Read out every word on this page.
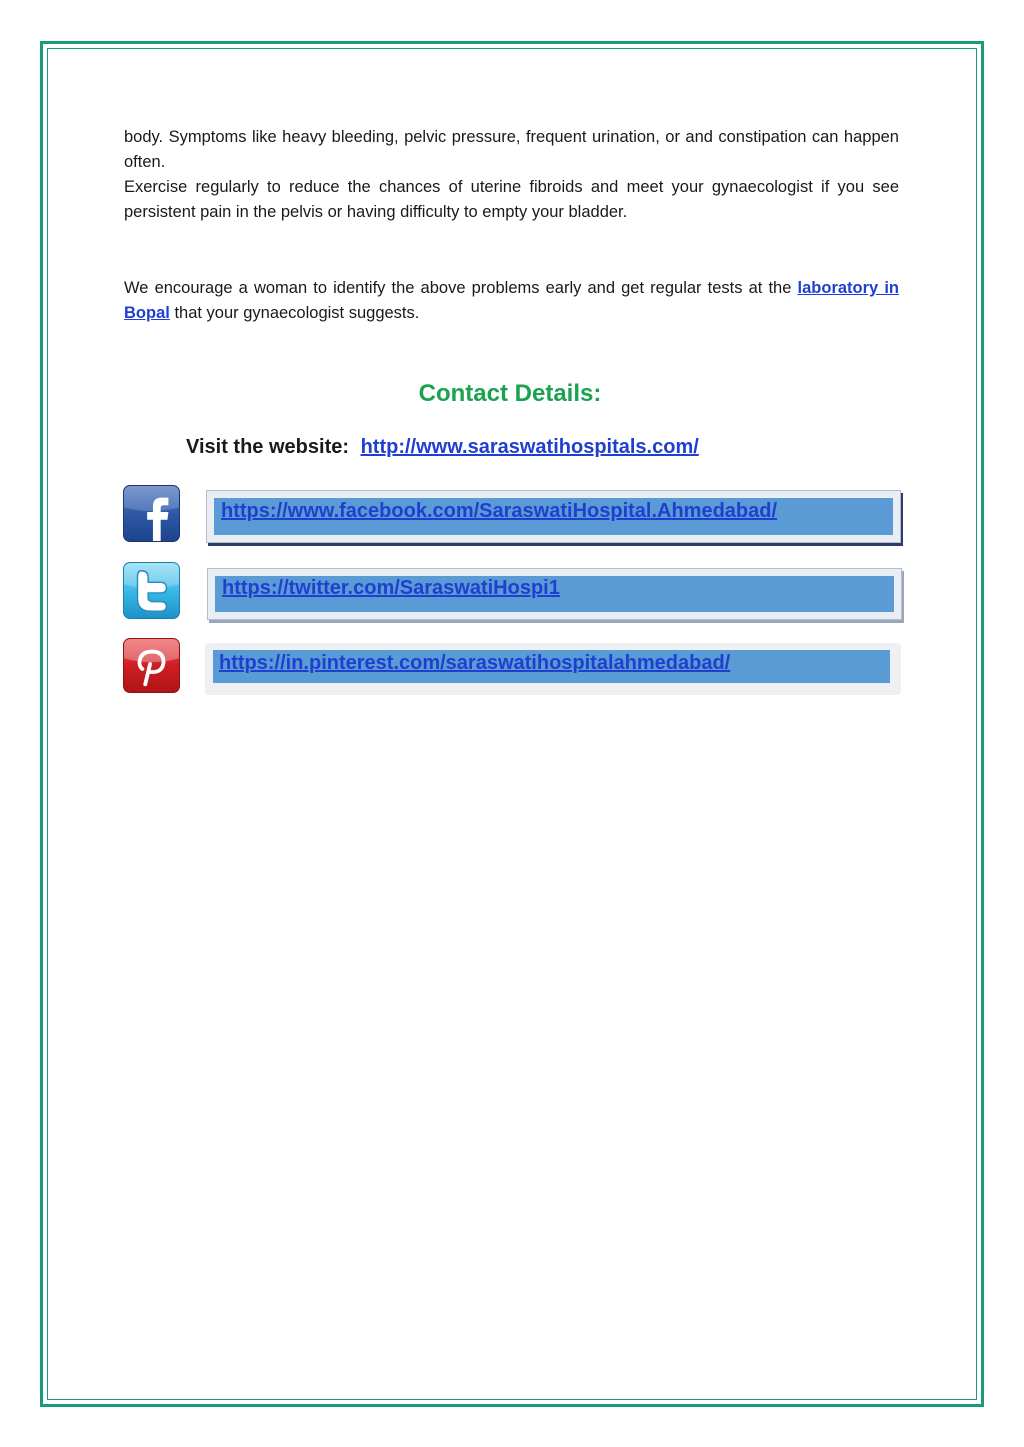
body. Symptoms like heavy bleeding, pelvic pressure, frequent urination, or and constipation can happen often.
Exercise regularly to reduce the chances of uterine fibroids and meet your gynaecologist if you see persistent pain in the pelvis or having difficulty to empty your bladder.

We encourage a woman to identify the above problems early and get regular tests at the laboratory in Bopal that your gynaecologist suggests.

Contact Details:
Visit the website: http://www.saraswatihospitals.com/
https://www.facebook.com/SaraswatiHospital.Ahmedabad/
https://twitter.com/SaraswatiHospi1
https://in.pinterest.com/saraswatihospitalahmedabad/
